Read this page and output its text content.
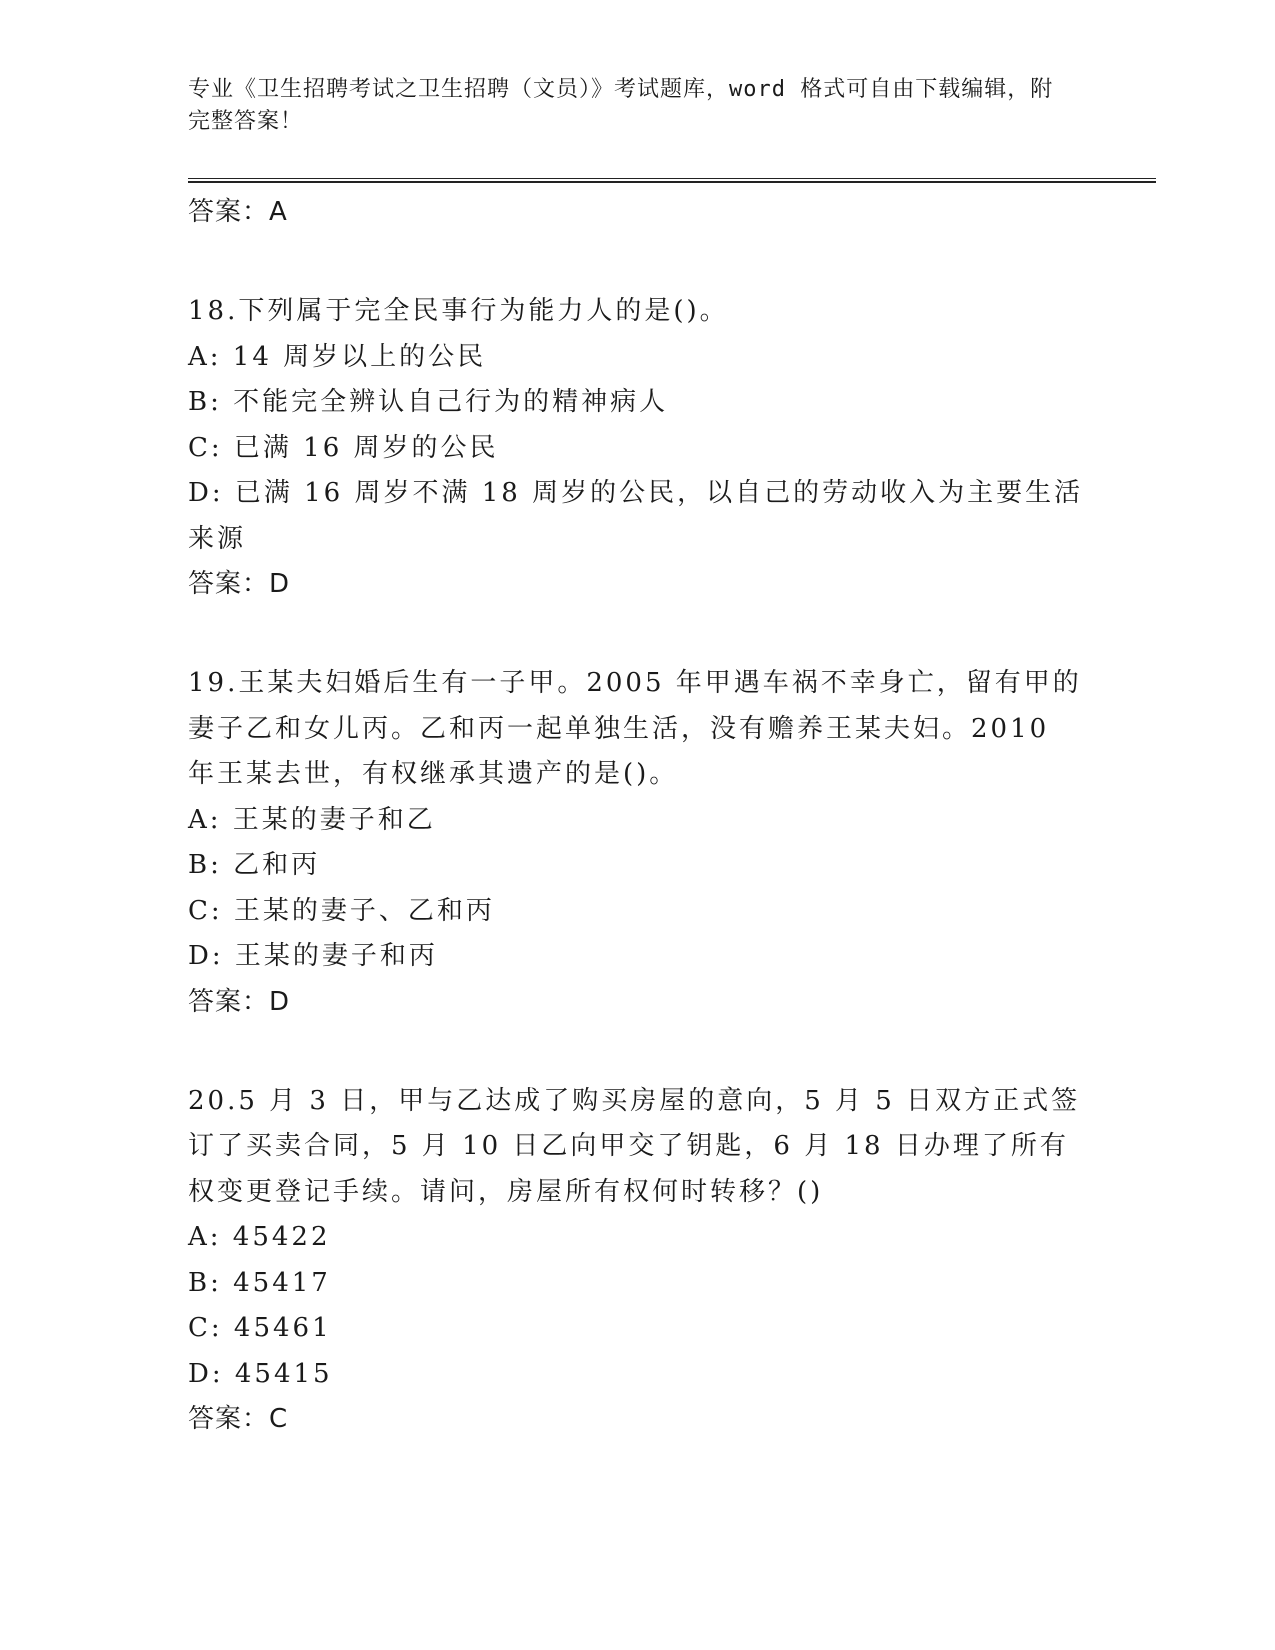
专业《卫生招聘考试之卫生招聘（文员）》考试题库，word 格式可自由下载编辑，附完整答案！
答案：A
18.下列属于完全民事行为能力人的是()。
A: 14 周岁以上的公民
B: 不能完全辨认自己行为的精神病人
C: 已满 16 周岁的公民
D: 已满 16 周岁不满 18 周岁的公民，以自己的劳动收入为主要生活来源
答案：D
19.王某夫妇婚后生有一子甲。2005 年甲遇车祸不幸身亡，留有甲的妻子乙和女儿丙。乙和丙一起单独生活，没有赡养王某夫妇。2010 年王某去世，有权继承其遗产的是()。
A: 王某的妻子和乙
B: 乙和丙
C: 王某的妻子、乙和丙
D: 王某的妻子和丙
答案：D
20.5 月 3 日，甲与乙达成了购买房屋的意向，5 月 5 日双方正式签订了买卖合同，5 月 10 日乙向甲交了钥匙，6 月 18 日办理了所有权变更登记手续。请问，房屋所有权何时转移？()
A: 45422
B: 45417
C: 45461
D: 45415
答案：C
